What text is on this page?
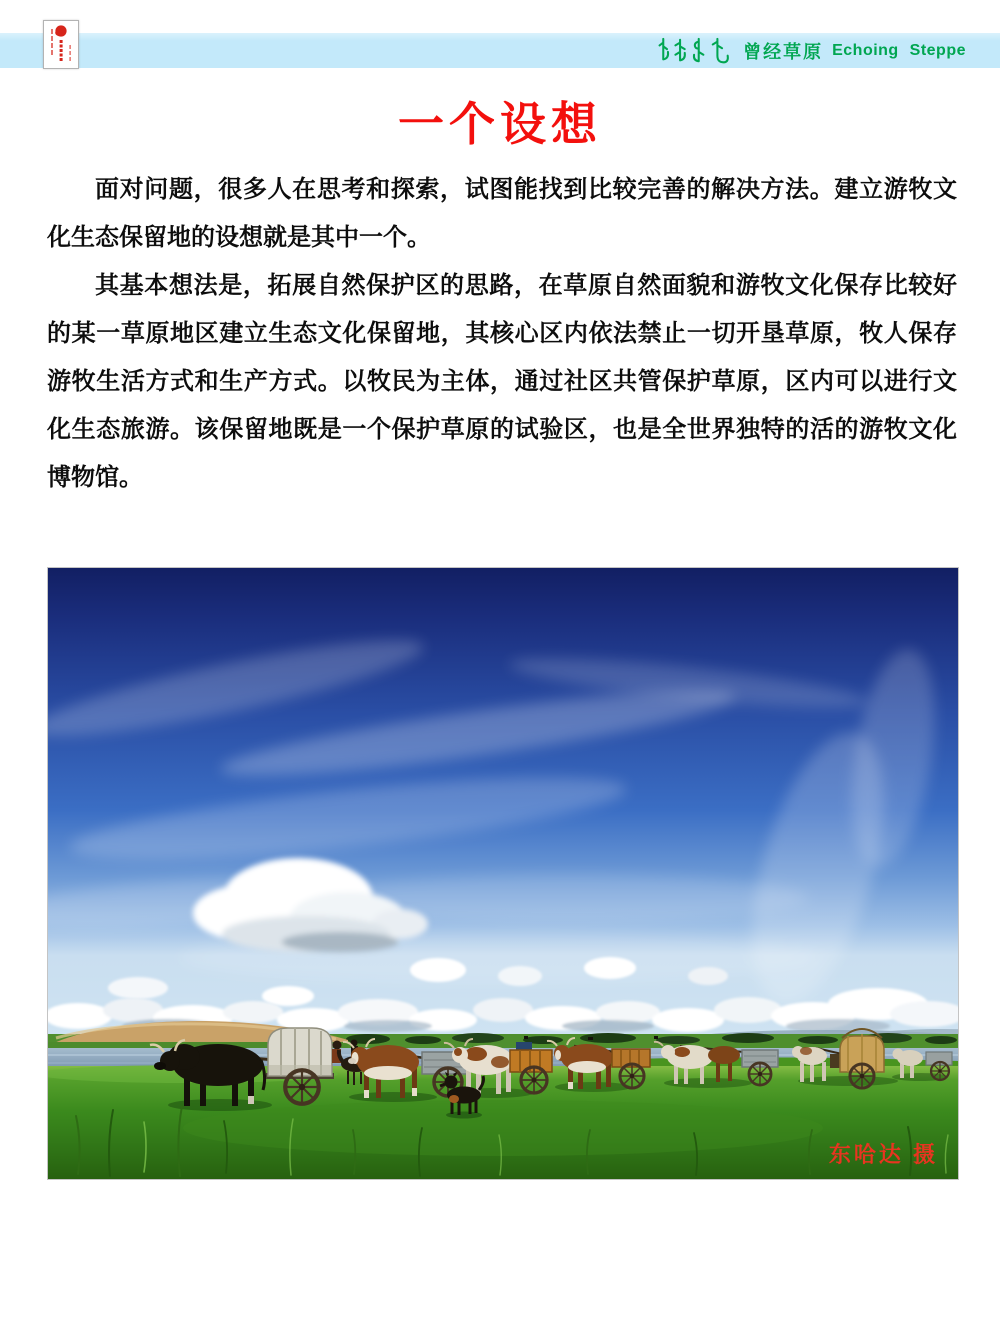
曾经草原 Echoing Steppe
一个设想

面对问题，很多人在思考和探索，试图能找到比较完善的解决方法。建立游牧文化生态保留地的设想就是其中一个。

其基本想法是，拓展自然保护区的思路，在草原自然面貌和游牧文化保存比较好的某一草原地区建立生态文化保留地，其核心区内依法禁止一切开垦草原，牧人保存游牧生活方式和生产方式。以牧民为主体，通过社区共管保护草原，区内可以进行文化生态旅游。该保留地既是一个保护草原的试验区，也是全世界独特的活的游牧文化博物馆。

东哈达 摄
